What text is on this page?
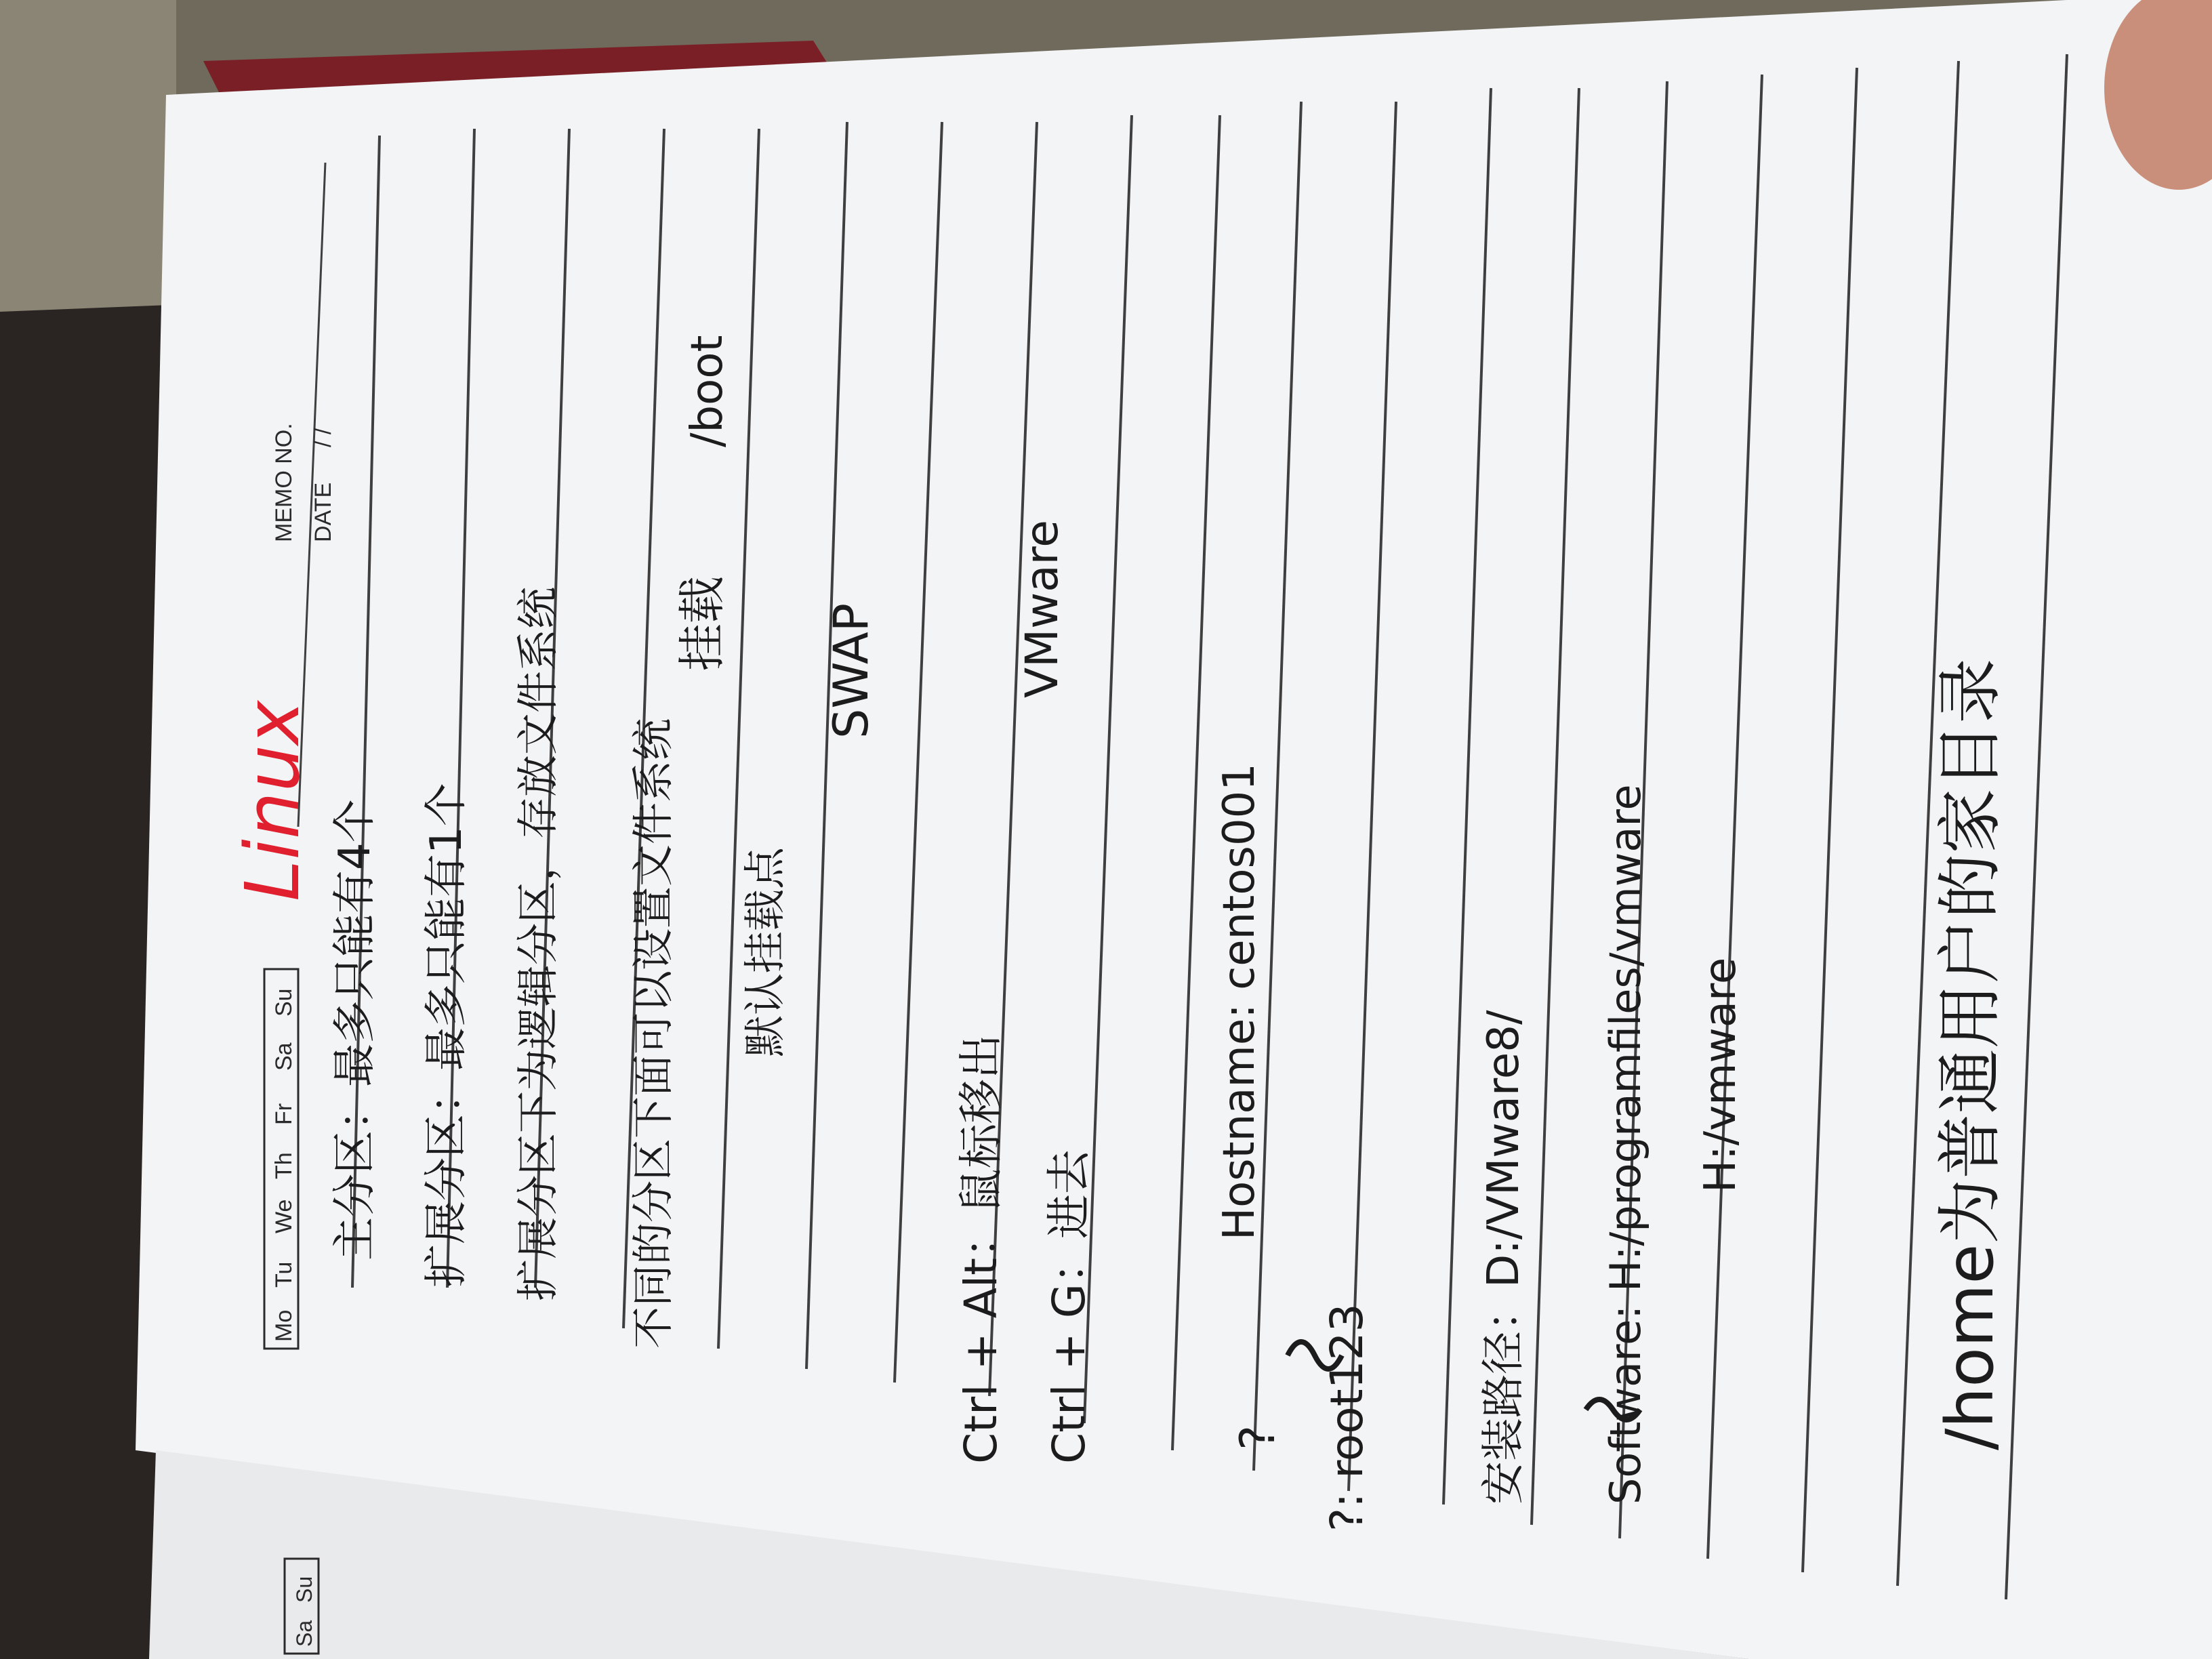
Mo
Tu
We
Th
Fr
Sa
Su
MEMO NO. DATE
/ /
Sa
Su
Linux 主分区：最多只能有4个 扩展分区：最多只能有1个 扩展分区下为逻辑分区，存放文件系统 不同的分区下面可以设置文件系统
挂载
/boot
默认挂载点
SWAP
Ctrl + Alt：鼠标移出 Ctrl + G：进去
VMware
Hostname: centos001
? ?: root123 安装路径：D:/VMware8/ Software: H:/programfiles/vmware H:/vmware	/home为普通用户的家目录
